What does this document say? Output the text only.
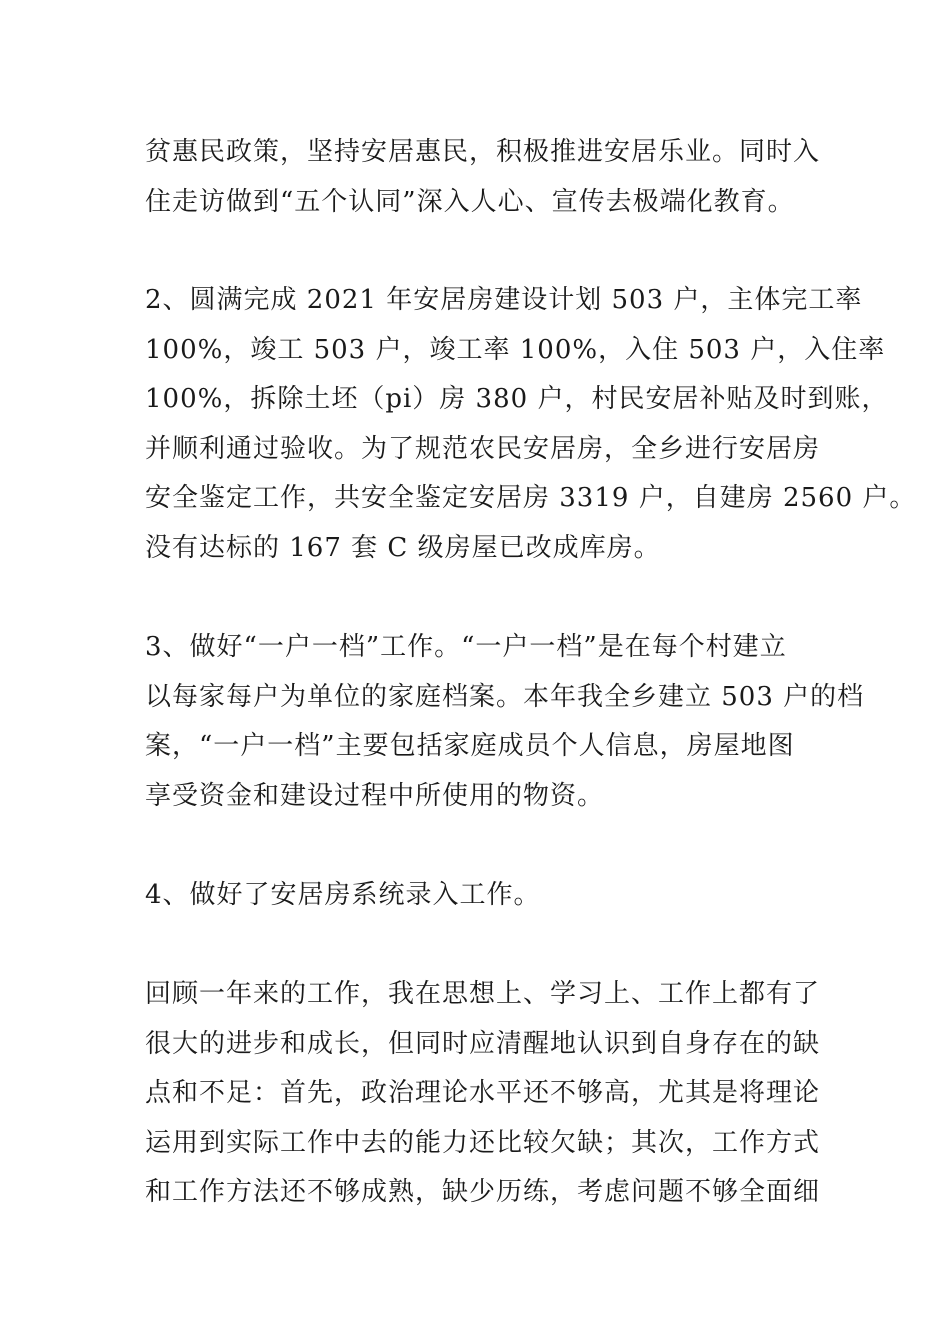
贫惠民政策，坚持安居惠民，积极推进安居乐业。同时入
住走访做到“五个认同”深入人心、宣传去极端化教育。
2、圆满完成 2021 年安居房建设计划 503 户，主体完工率
100%，竣工 503 户，竣工率 100%，入住 503 户，入住率
100%，拆除土坯（pi）房 380 户，村民安居补贴及时到账，
并顺利通过验收。为了规范农民安居房，全乡进行安居房
安全鉴定工作，共安全鉴定安居房 3319 户，自建房 2560 户。
没有达标的 167 套 C 级房屋已改成库房。
3、做好“一户一档”工作。“一户一档”是在每个村建立
以每家每户为单位的家庭档案。本年我全乡建立 503 户的档
案，“一户一档”主要包括家庭成员个人信息，房屋地图
享受资金和建设过程中所使用的物资。
4、做好了安居房系统录入工作。
回顾一年来的工作，我在思想上、学习上、工作上都有了
很大的进步和成长，但同时应清醒地认识到自身存在的缺
点和不足：首先，政治理论水平还不够高，尤其是将理论
运用到实际工作中去的能力还比较欠缺；其次，工作方式
和工作方法还不够成熟，缺少历练，考虑问题不够全面细
